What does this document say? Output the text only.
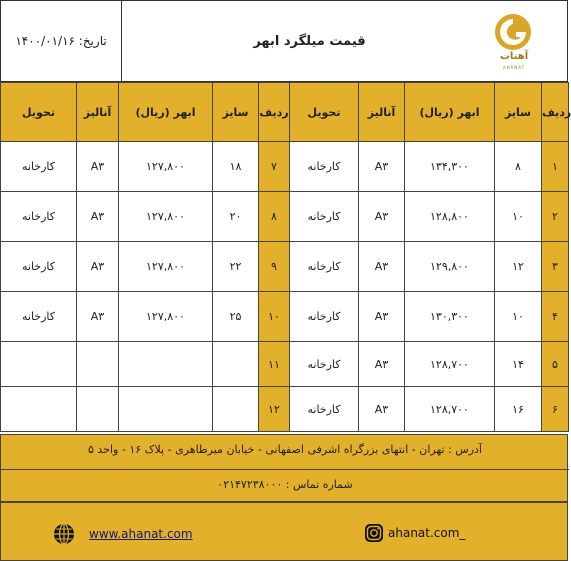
تاریخ: ۱۴۰۰/۰۱/۱۶	قیمت میلگرد ابهر
آهنات
AHANAT
تحویل	آنالیز	ابهر (ریال)	سایز	ردیف	تحویل	آنالیز	ابهر (ریال)	سایز	ردیف
کارخانه	A۳	۱۲۷,۸۰۰	۱۸	۷	کارخانه	A۳	۱۳۴,۳۰۰	۸	۱
کارخانه	A۳	۱۲۷,۸۰۰	۲۰	۸	کارخانه	A۳	۱۲۸,۸۰۰	۱۰	۲
کارخانه	A۳	۱۲۷,۸۰۰	۲۲	۹	کارخانه	A۳	۱۲۹,۸۰۰	۱۲	۳
کارخانه	A۳	۱۲۷,۸۰۰	۲۵	۱۰	کارخانه	A۳	۱۳۰,۳۰۰	۱۰	۴
				۱۱	کارخانه	A۳	۱۲۸,۷۰۰	۱۴	۵
				۱۲	کارخانه	A۳	۱۲۸,۷۰۰	۱۶	۶
آدرس : تهران - انتهای بزرگراه اشرفی اصفهانی - خیابان میرطاهری - پلاک ۱۶ - واحد ۵
شماره تماس : ۰۲۱۴۷۲۳۸۰۰۰
www.ahanat.com	ahanat.com_
